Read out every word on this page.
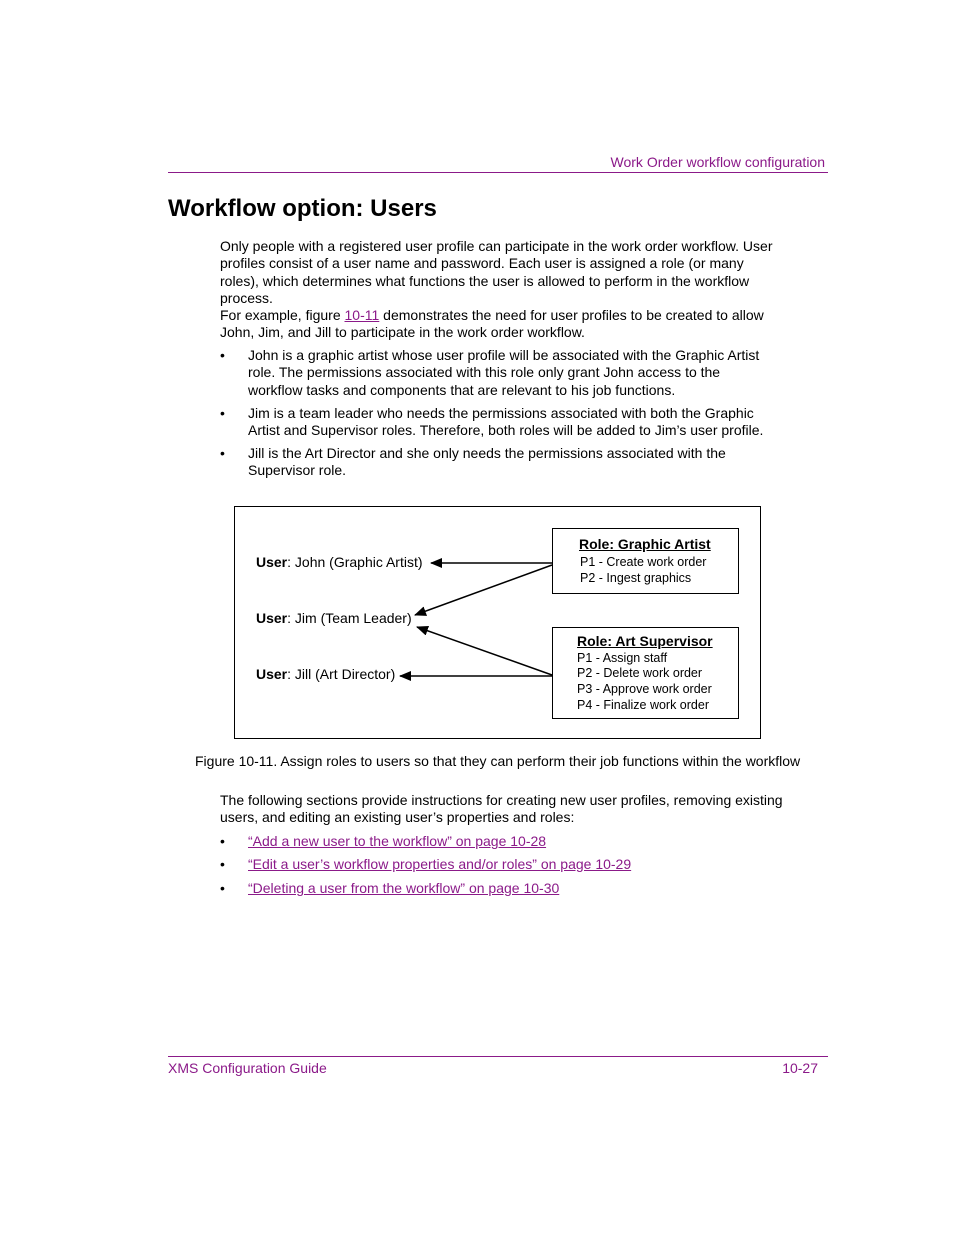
Work Order workflow configuration
Workflow option: Users

Only people with a registered user profile can participate in the work order workflow. User profiles consist of a user name and password. Each user is assigned a role (or many roles), which determines what functions the user is allowed to perform in the workflow process.

For example, figure 10-11 demonstrates the need for user profiles to be created to allow John, Jim, and Jill to participate in the work order workflow.

• John is a graphic artist whose user profile will be associated with the Graphic Artist role. The permissions associated with this role only grant John access to the workflow tasks and components that are relevant to his job functions.
• Jim is a team leader who needs the permissions associated with both the Graphic Artist and Supervisor roles. Therefore, both roles will be added to Jim’s user profile.
• Jill is the Art Director and she only needs the permissions associated with the Supervisor role.
User: John (Graphic Artist)
User: Jim (Team Leader)
User: Jill (Art Director)
Role: Graphic Artist
P1 - Create work order
P2 - Ingest graphics
Role: Art Supervisor
P1 - Assign staff
P2 - Delete work order
P3 - Approve work order
P4 - Finalize work order
Figure 10-11. Assign roles to users so that they can perform their job functions within the workflow

The following sections provide instructions for creating new user profiles, removing existing users, and editing an existing user’s properties and roles:

• “Add a new user to the workflow” on page 10-28
• “Edit a user’s workflow properties and/or roles” on page 10-29
• “Deleting a user from the workflow” on page 10-30
XMS Configuration Guide	10-27
